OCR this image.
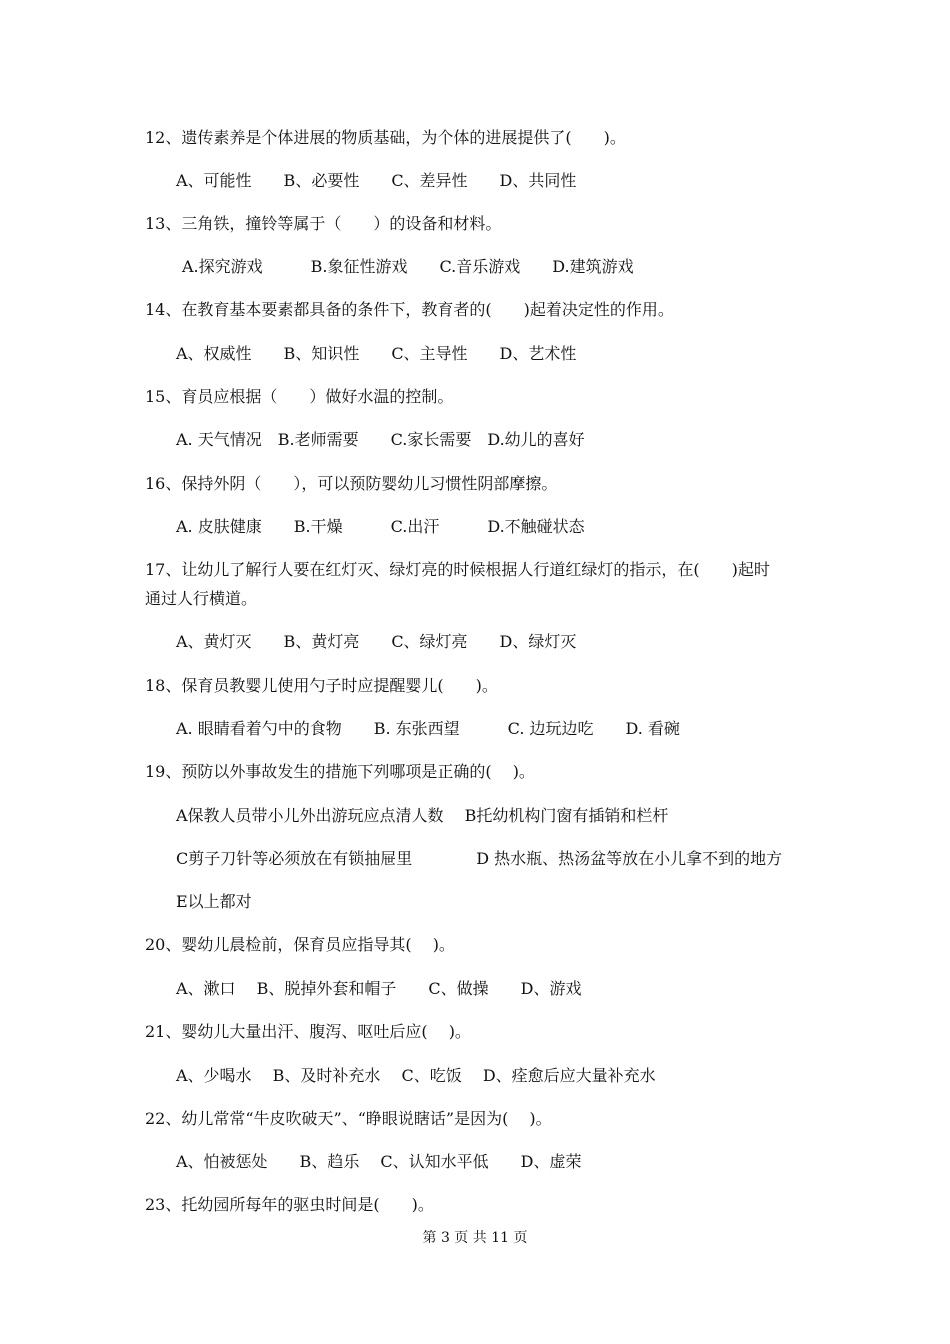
12、遗传素养是个体进展的物质基础，为个体的进展提供了(　　)。
A、可能性　　B、必要性　　C、差异性　　D、共同性
13、三角铁，撞铃等属于（　　）的设备和材料。
A.探究游戏　　　B.象征性游戏　　C.音乐游戏　　D.建筑游戏
14、在教育基本要素都具备的条件下，教育者的(　　)起着决定性的作用。
A、权威性　　B、知识性　　C、主导性　　D、艺术性
15、育员应根据（　　）做好水温的控制。
A. 天气情况　B.老师需要　　C.家长需要　D.幼儿的喜好
16、保持外阴（　　），可以预防婴幼儿习惯性阴部摩擦。
A. 皮肤健康　　B.干燥　　　C.出汗　　　D.不触碰状态
17、让幼儿了解行人要在红灯灭、绿灯亮的时候根据人行道红绿灯的指示，在(　　)起时
通过人行横道。
A、黄灯灭　　B、黄灯亮　　C、绿灯亮　　D、绿灯灭
18、保育员教婴儿使用勺子时应提醒婴儿(　　)。
A. 眼睛看着勺中的食物　　B. 东张西望　　　C. 边玩边吃　　D. 看碗
19、预防以外事故发生的措施下列哪项是正确的(　 )。
A保教人员带小儿外出游玩应点清人数　 B托幼机构门窗有插销和栏杆
C剪子刀针等必须放在有锁抽屉里　　　　D 热水瓶、热汤盆等放在小儿拿不到的地方
E以上都对
20、婴幼儿晨检前，保育员应指导其(　 )。
A、漱口　 B、脱掉外套和帽子　　C、做操　　D、游戏
21、婴幼儿大量出汗、腹泻、呕吐后应(　 )。
A、少喝水　 B、及时补充水　 C、吃饭　 D、痊愈后应大量补充水
22、幼儿常常“牛皮吹破天”、“睁眼说瞎话”是因为(　 )。
A、怕被惩处　　B、趋乐　 C、认知水平低　　D、虚荣
23、托幼园所每年的驱虫时间是(　　)。
第 3 页 共 11 页
